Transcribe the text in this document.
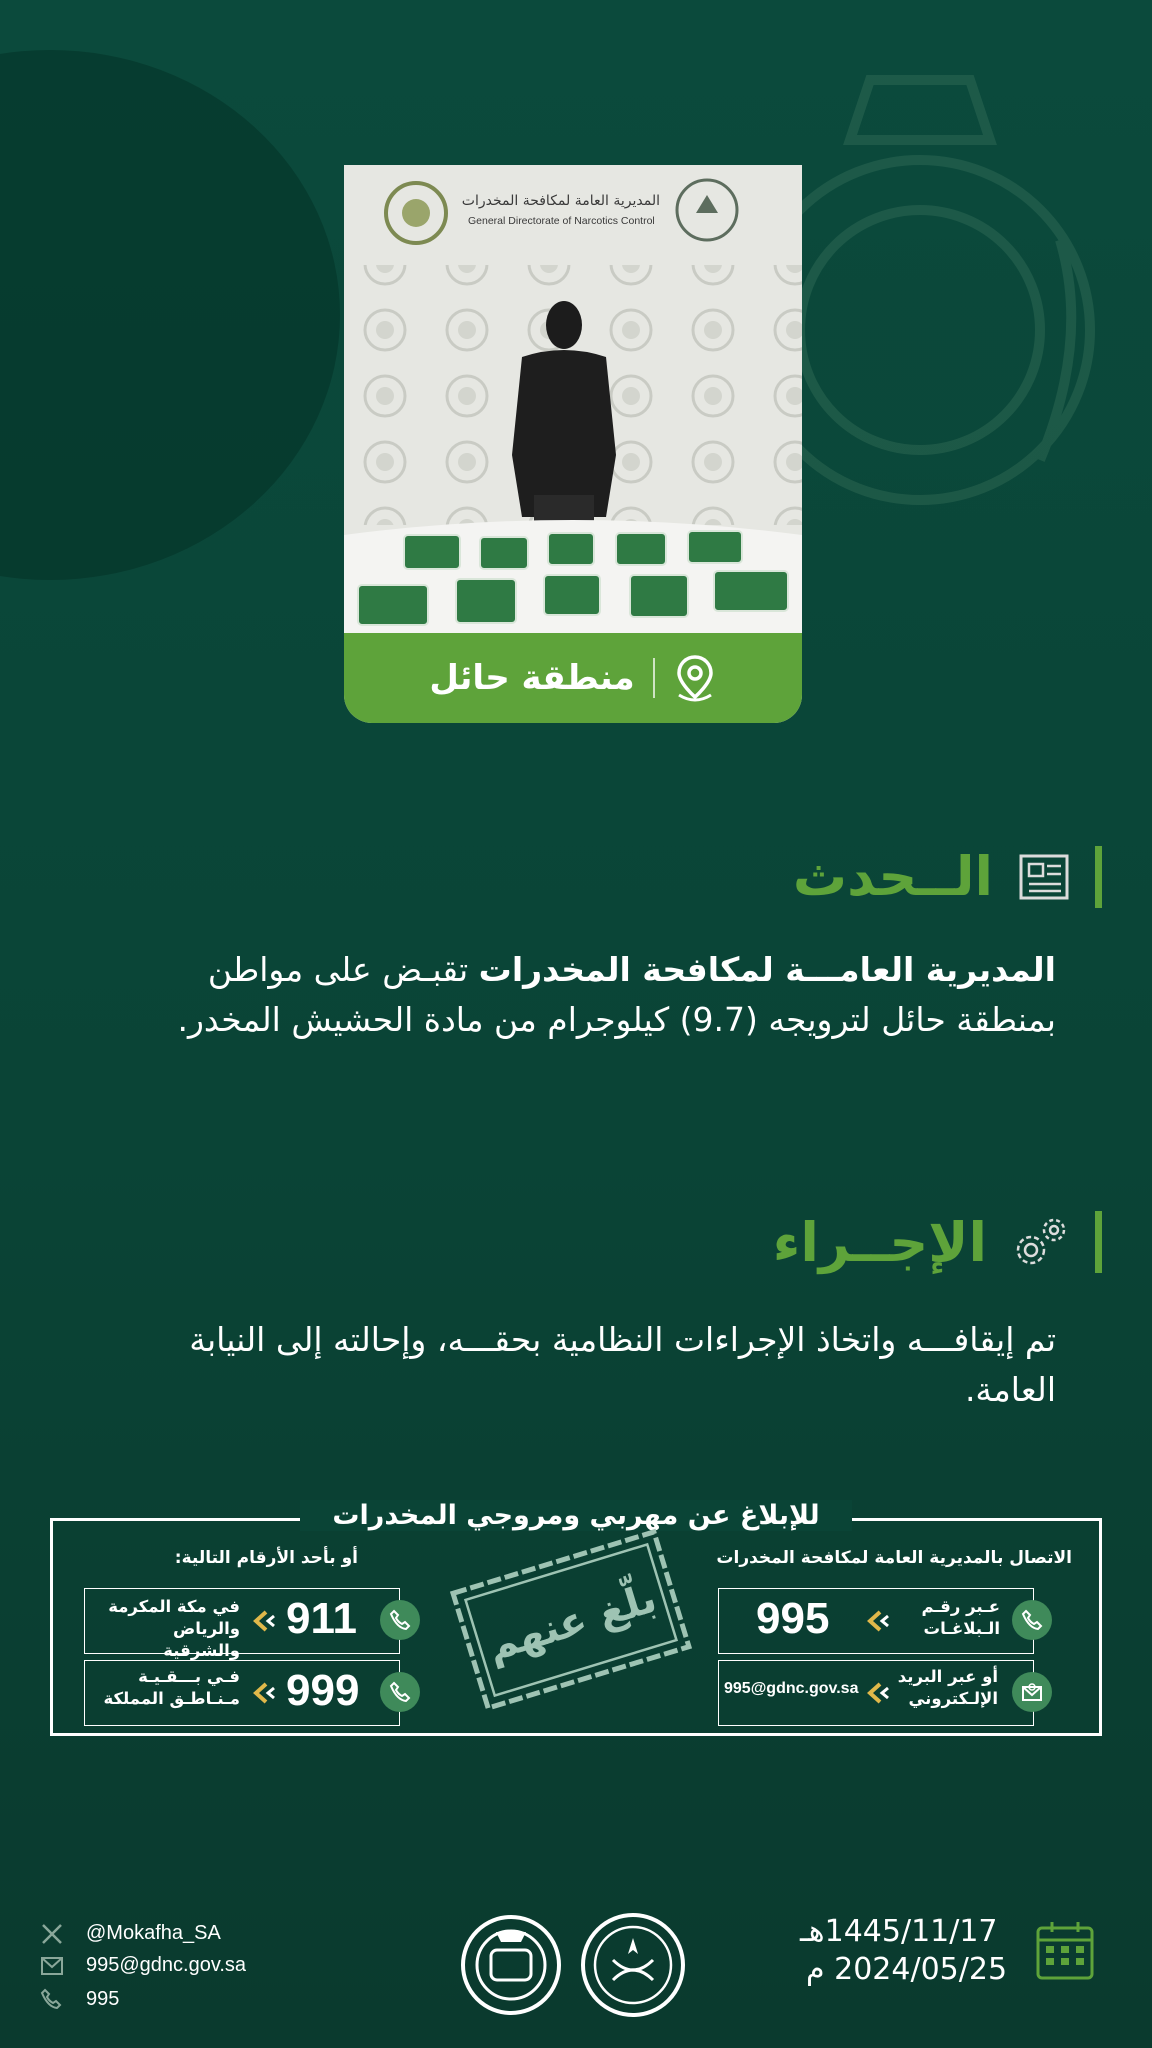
المديرية العامة لمكافحة المخدرات
General Directorate of Narcotics Control
منطقة حائل
الــحدث
المديرية العامـــة لمكافحة المخدرات تقبـض على مواطن بمنطقة حائل لترويجه (9.7) كيلوجرام من مادة الحشيش المخدر.
الإجــراء
تم إيقافـــه واتخاذ الإجراءات النظامية بحقـــه، وإحالته إلى النيابة العامة.
للإبلاغ عن مهربي ومروجي المخدرات
الاتصال بالمديرية العامة لمكافحة المخدرات
أو بأحد الأرقام التالية:
عـبر رقـم
الـبلاغـات
995
أو عبر البريد
الإلـكتروني
995@gdnc.gov.sa
911
في مكة المكرمة
والرياض والشرقية
999
فـي بـــقـيـة
مـنـاطـق المملكة
بلّغ عنهم
@Mokafha_SA
995@gdnc.gov.sa
995
1445/11/17هـ
2024/05/25 م
